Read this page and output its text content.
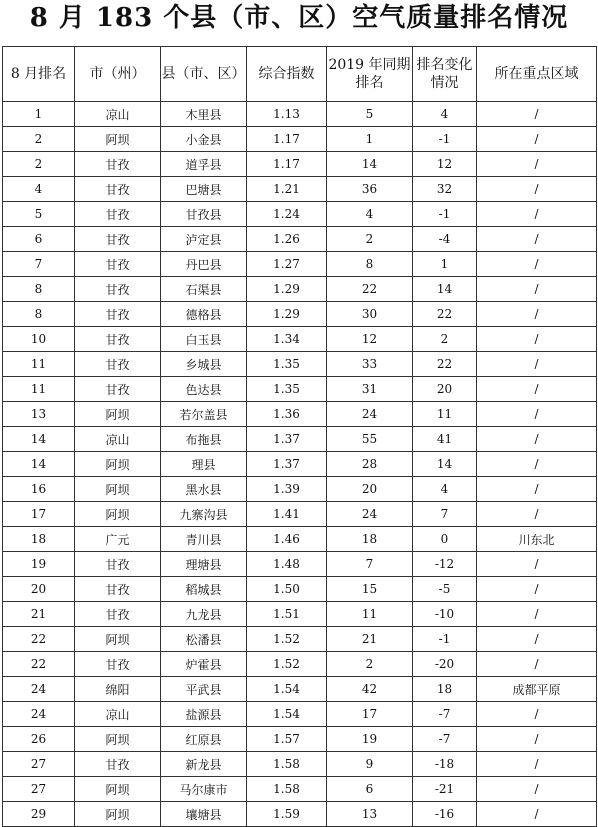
8 月 183 个县（市、区）空气质量排名情况
8 月排名	市（州）	县（市、区）	综合指数	2019 年同期排名	排名变化情况	所在重点区域
1	凉山	木里县	1.13	5	4	/
2	阿坝	小金县	1.17	1	-1	/
2	甘孜	道孚县	1.17	14	12	/
4	甘孜	巴塘县	1.21	36	32	/
5	甘孜	甘孜县	1.24	4	-1	/
6	甘孜	泸定县	1.26	2	-4	/
7	甘孜	丹巴县	1.27	8	1	/
8	甘孜	石渠县	1.29	22	14	/
8	甘孜	德格县	1.29	30	22	/
10	甘孜	白玉县	1.34	12	2	/
11	甘孜	乡城县	1.35	33	22	/
11	甘孜	色达县	1.35	31	20	/
13	阿坝	若尔盖县	1.36	24	11	/
14	凉山	布拖县	1.37	55	41	/
14	阿坝	理县	1.37	28	14	/
16	阿坝	黑水县	1.39	20	4	/
17	阿坝	九寨沟县	1.41	24	7	/
18	广元	青川县	1.46	18	0	川东北
19	甘孜	理塘县	1.48	7	-12	/
20	甘孜	稻城县	1.50	15	-5	/
21	甘孜	九龙县	1.51	11	-10	/
22	阿坝	松潘县	1.52	21	-1	/
22	甘孜	炉霍县	1.52	2	-20	/
24	绵阳	平武县	1.54	42	18	成都平原
24	凉山	盐源县	1.54	17	-7	/
26	阿坝	红原县	1.57	19	-7	/
27	甘孜	新龙县	1.58	9	-18	/
27	阿坝	马尔康市	1.58	6	-21	/
29	阿坝	壤塘县	1.59	13	-16	/
